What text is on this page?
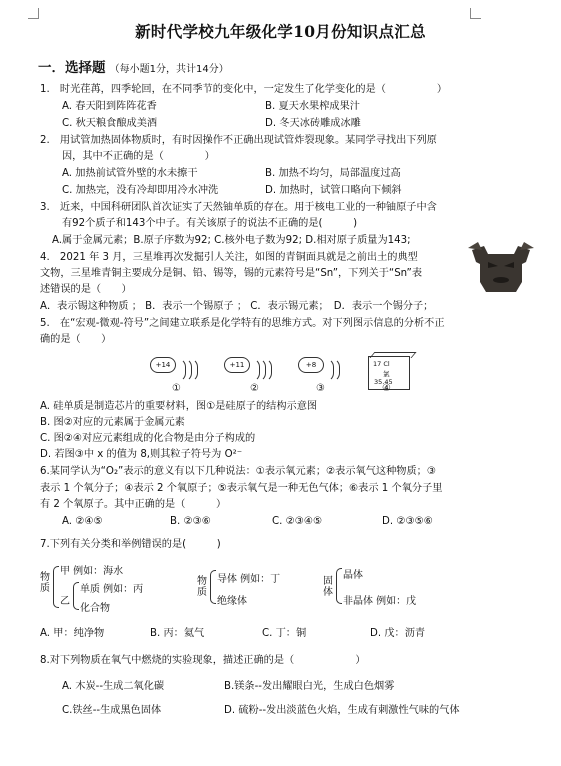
新时代学校九年级化学10月份知识点汇总
一．选择题 （每小题1分，共计14分）
1.　时光荏苒，四季轮回，在不同季节的变化中，一定发生了化学变化的是（　　　　　）
A. 春天阳到阵阵花香	B. 夏天水果榨成果汁
C. 秋天粮食酿成美酒	D. 冬天冰砖雕成冰雕
2.　用试管加热固体物质时，有时因操作不正确出现试管炸裂现象。某同学寻找出下列原
因，其中不正确的是（　　　　）
A. 加热前试管外壁的水未擦干	B. 加热不均匀，局部温度过高
C. 加热完，没有冷却即用冷水冲洗	D. 加热时，试管口略向下倾斜
3.　近来，中国科研团队首次证实了天然铀单质的存在。用于核电工业的一种铀原子中含
有92个质子和143个中子。有关该原子的说法不正确的是(　　　)
A.属于金属元素；B.原子序数为92; C.核外电子数为92; D.相对原子质量为143;
4.　2021 年 3 月，三星堆再次发掘引人关注，如图的青铜面具就是之前出土的典型
文物，三星堆青铜主要成分是铜、铅、锡等，锡的元素符号是“Sn”，下列关于“Sn”表
述错误的是（　　）
A．表示锡这种物质 ； B．表示一个锡原子 ； C．表示锡元素；　D．表示一个锡分子；
5.　在“宏观-微观-符号”之间建立联系是化学特有的思维方式。对下列图示信息的分析不正
确的是（　　）
+14
①
+11
②
+8
③
17 Cl
氯
35.45
④
A. 硅单质是制造芯片的重要材料，图①是硅原子的结构示意图
B. 图②对应的元素属于金属元素
C. 图②④对应元素组成的化合物是由分子构成的
D. 若图③中 x 的值为 8,则其粒子符号为 O²⁻
6.某同学认为“O₂”表示的意义有以下几种说法：①表示氧元素；②表示氧气这种物质；③
表示 1 个氧分子；④表示 2 个氧原子；⑤表示氧气是一种无色气体；⑥表示 1 个氧分子里
有 2 个氧原子。其中正确的是（　　　）
A. ②④⑤	B. ②③⑥	C. ②③④⑤	D. ②③⑤⑥
7.下列有关分类和举例错误的是(　　　)
物
质
甲 例如：海水
乙
单质 例如：丙
化合物
物
质
导体 例如：丁
绝缘体
固
体
晶体
非晶体 例如：戊
A. 甲：纯净物	B. 丙：氦气	C. 丁：铜	D. 戊：沥青
8.对下列物质在氧气中燃烧的实验现象，描述正确的是（　　　　　　）
A. 木炭--生成二氧化碳	B.镁条--发出耀眼白光，生成白色烟雾
C.铁丝--生成黑色固体	D. 硫粉--发出淡蓝色火焰，生成有刺激性气味的气体
